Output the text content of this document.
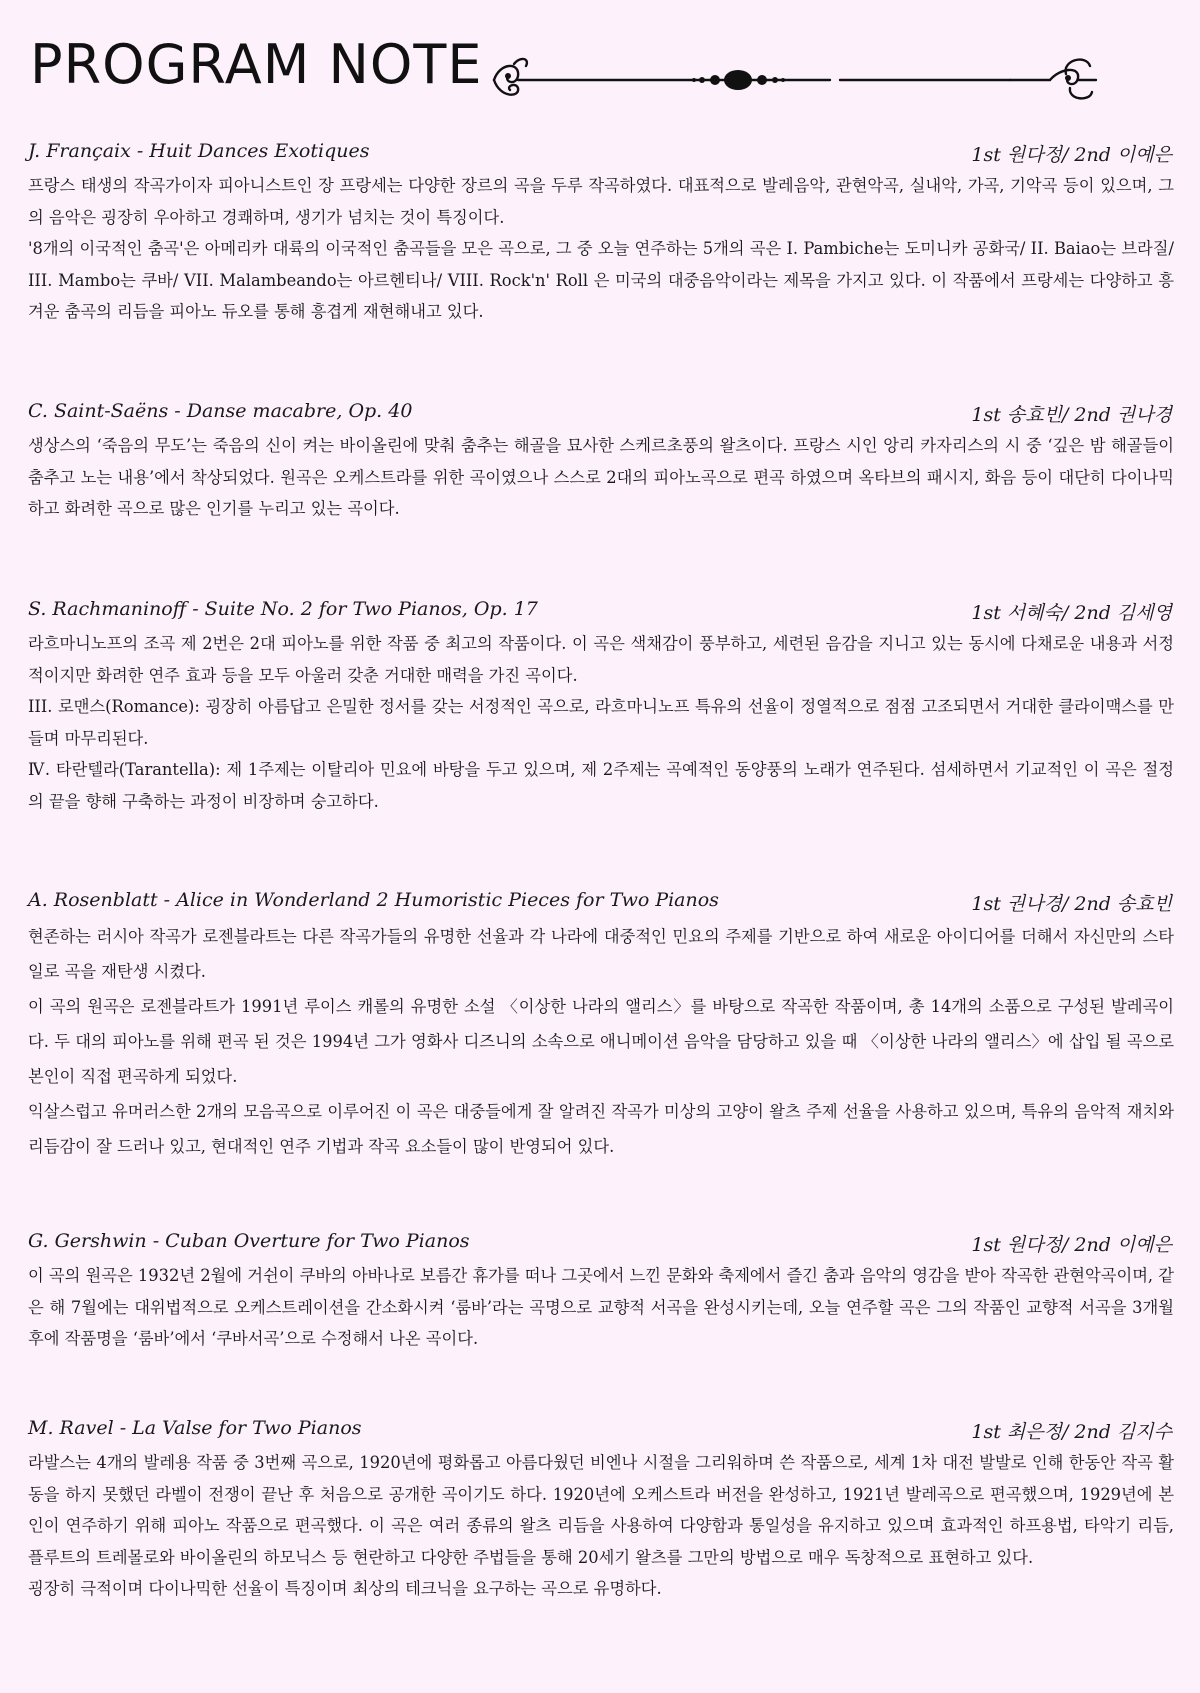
PROGRAM NOTE
J. Françaix - Huit Dances Exotiques	1st 원다정/ 2nd 이예은

프랑스 태생의 작곡가이자 피아니스트인 장 프랑세는 다양한 장르의 곡을 두루 작곡하였다. 대표적으로 발레음악, 관현악곡, 실내악, 가곡, 기악곡 등이 있으며, 그의 음악은 굉장히 우아하고 경쾌하며, 생기가 넘치는 것이 특징이다.

'8개의 이국적인 춤곡'은 아메리카 대륙의 이국적인 춤곡들을 모은 곡으로, 그 중 오늘 연주하는 5개의 곡은 I. Pambiche는 도미니카 공화국/ II. Baiao는 브라질/ III. Mambo는 쿠바/ VII. Malambeando는 아르헨티나/ VIII. Rock'n' Roll 은 미국의 대중음악이라는 제목을 가지고 있다. 이 작품에서 프랑세는 다양하고 흥겨운 춤곡의 리듬을 피아노 듀오를 통해 흥겹게 재현해내고 있다.

C. Saint-Saëns - Danse macabre, Op. 40	1st 송효빈/ 2nd 권나경

생상스의 ‘죽음의 무도’는 죽음의 신이 켜는 바이올린에 맞춰 춤추는 해골을 묘사한 스케르초풍의 왈츠이다. 프랑스 시인 앙리 카자리스의 시 중 ‘깊은 밤 해골들이 춤추고 노는 내용’에서 착상되었다. 원곡은 오케스트라를 위한 곡이였으나 스스로 2대의 피아노곡으로 편곡 하였으며 옥타브의 패시지, 화음 등이 대단히 다이나믹하고 화려한 곡으로 많은 인기를 누리고 있는 곡이다.

S. Rachmaninoff - Suite No. 2 for Two Pianos, Op. 17	1st 서혜숙/ 2nd 김세영

라흐마니노프의 조곡 제 2번은 2대 피아노를 위한 작품 중 최고의 작품이다. 이 곡은 색채감이 풍부하고, 세련된 음감을 지니고 있는 동시에 다채로운 내용과 서정적이지만 화려한 연주 효과 등을 모두 아울러 갖춘 거대한 매력을 가진 곡이다.

III. 로맨스(Romance): 굉장히 아름답고 은밀한 정서를 갖는 서정적인 곡으로, 라흐마니노프 특유의 선율이 정열적으로 점점 고조되면서 거대한 클라이맥스를 만들며 마무리된다.

Ⅳ. 타란텔라(Tarantella): 제 1주제는 이탈리아 민요에 바탕을 두고 있으며, 제 2주제는 곡예적인 동양풍의 노래가 연주된다. 섬세하면서 기교적인 이 곡은 절정의 끝을 향해 구축하는 과정이 비장하며 숭고하다.

A. Rosenblatt - Alice in Wonderland 2 Humoristic Pieces for Two Pianos	1st 권나경/ 2nd 송효빈

현존하는 러시아 작곡가 로젠블라트는 다른 작곡가들의 유명한 선율과 각 나라에 대중적인 민요의 주제를 기반으로 하여 새로운 아이디어를 더해서 자신만의 스타일로 곡을 재탄생 시켰다.

이 곡의 원곡은 로젠블라트가 1991년 루이스 캐롤의 유명한 소설 〈이상한 나라의 앨리스〉를 바탕으로 작곡한 작품이며, 총 14개의 소품으로 구성된 발레곡이다. 두 대의 피아노를 위해 편곡 된 것은 1994년 그가 영화사 디즈니의 소속으로 애니메이션 음악을 담당하고 있을 때 〈이상한 나라의 앨리스〉에 삽입 될 곡으로 본인이 직접 편곡하게 되었다.

익살스럽고 유머러스한 2개의 모음곡으로 이루어진 이 곡은 대중들에게 잘 알려진 작곡가 미상의 고양이 왈츠 주제 선율을 사용하고 있으며, 특유의 음악적 재치와 리듬감이 잘 드러나 있고, 현대적인 연주 기법과 작곡 요소들이 많이 반영되어 있다.

G. Gershwin - Cuban Overture for Two Pianos	1st 원다정/ 2nd 이예은

이 곡의 원곡은 1932년 2월에 거쉰이 쿠바의 아바나로 보름간 휴가를 떠나 그곳에서 느낀 문화와 축제에서 즐긴 춤과 음악의 영감을 받아 작곡한 관현악곡이며, 같은 해 7월에는 대위법적으로 오케스트레이션을 간소화시켜 ‘룸바’라는 곡명으로 교향적 서곡을 완성시키는데, 오늘 연주할 곡은 그의 작품인 교향적 서곡을 3개월 후에 작품명을 ‘룸바’에서 ‘쿠바서곡’으로 수정해서 나온 곡이다.

M. Ravel - La Valse for Two Pianos	1st 최은정/ 2nd 김지수

라발스는 4개의 발레용 작품 중 3번째 곡으로, 1920년에 평화롭고 아름다웠던 비엔나 시절을 그리워하며 쓴 작품으로, 세계 1차 대전 발발로 인해 한동안 작곡 활동을 하지 못했던 라벨이 전쟁이 끝난 후 처음으로 공개한 곡이기도 하다. 1920년에 오케스트라 버전을 완성하고, 1921년 발레곡으로 편곡했으며, 1929년에 본인이 연주하기 위해 피아노 작품으로 편곡했다. 이 곡은 여러 종류의 왈츠 리듬을 사용하여 다양함과 통일성을 유지하고 있으며 효과적인 하프용법, 타악기 리듬, 플루트의 트레몰로와 바이올린의 하모닉스 등 현란하고 다양한 주법들을 통해 20세기 왈츠를 그만의 방법으로 매우 독창적으로 표현하고 있다.

굉장히 극적이며 다이나믹한 선율이 특징이며 최상의 테크닉을 요구하는 곡으로 유명하다.
